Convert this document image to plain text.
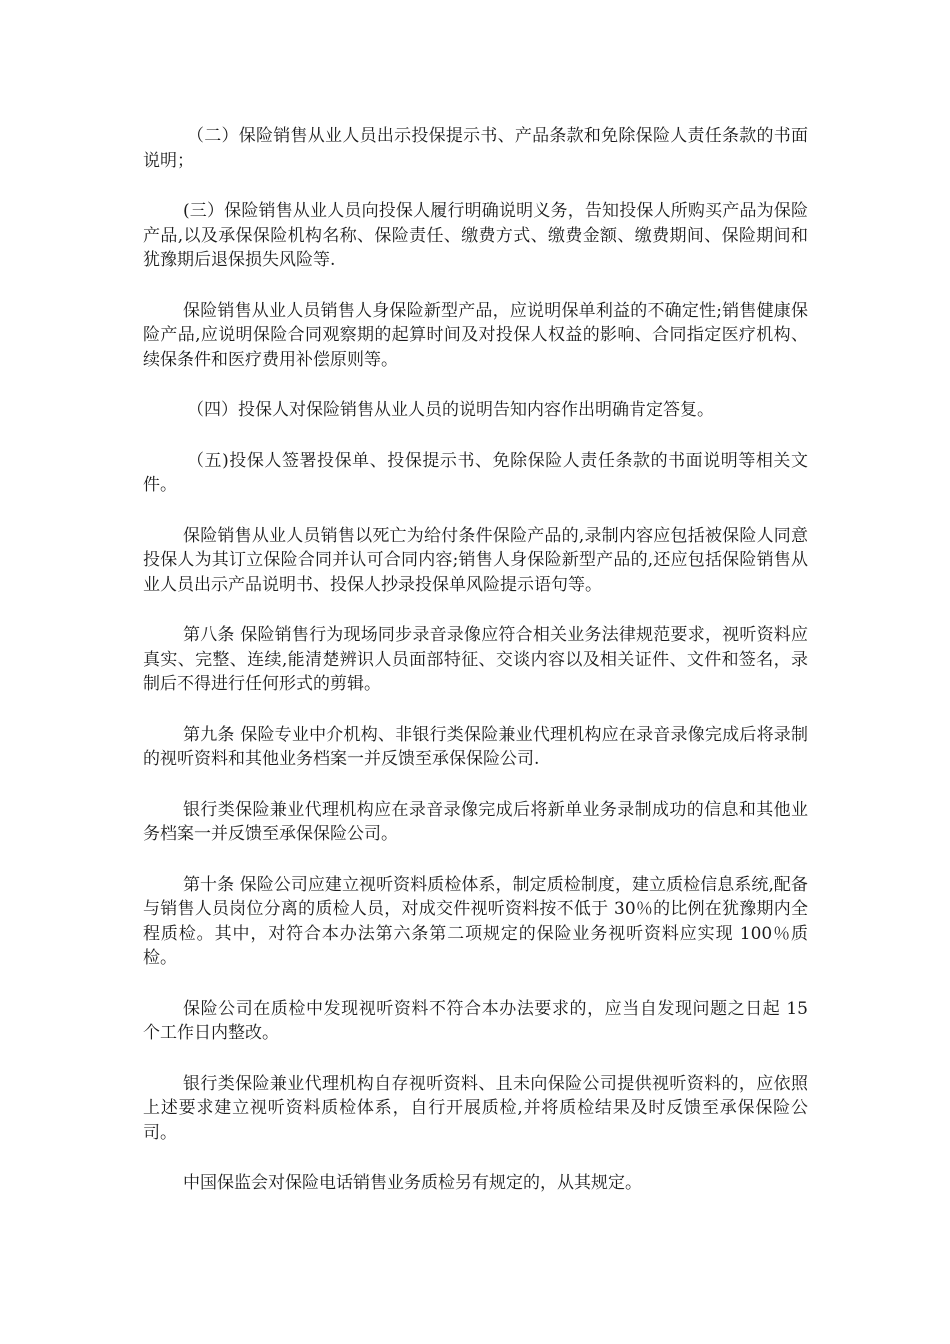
（二）保险销售从业人员出示投保提示书、产品条款和免除保险人责任条款的书面说明；

(三）保险销售从业人员向投保人履行明确说明义务，告知投保人所购买产品为保险产品,以及承保保险机构名称、保险责任、缴费方式、缴费金额、缴费期间、保险期间和犹豫期后退保损失风险等.

保险销售从业人员销售人身保险新型产品，应说明保单利益的不确定性;销售健康保险产品,应说明保险合同观察期的起算时间及对投保人权益的影响、合同指定医疗机构、续保条件和医疗费用补偿原则等。

（四）投保人对保险销售从业人员的说明告知内容作出明确肯定答复。

（五)投保人签署投保单、投保提示书、免除保险人责任条款的书面说明等相关文件。

保险销售从业人员销售以死亡为给付条件保险产品的,录制内容应包括被保险人同意投保人为其订立保险合同并认可合同内容;销售人身保险新型产品的,还应包括保险销售从业人员出示产品说明书、投保人抄录投保单风险提示语句等。

第八条 保险销售行为现场同步录音录像应符合相关业务法律规范要求，视听资料应真实、完整、连续,能清楚辨识人员面部特征、交谈内容以及相关证件、文件和签名，录制后不得进行任何形式的剪辑。

第九条 保险专业中介机构、非银行类保险兼业代理机构应在录音录像完成后将录制的视听资料和其他业务档案一并反馈至承保保险公司.

银行类保险兼业代理机构应在录音录像完成后将新单业务录制成功的信息和其他业务档案一并反馈至承保保险公司。

第十条 保险公司应建立视听资料质检体系，制定质检制度，建立质检信息系统,配备与销售人员岗位分离的质检人员，对成交件视听资料按不低于 30％的比例在犹豫期内全程质检。其中，对符合本办法第六条第二项规定的保险业务视听资料应实现 100％质检。

保险公司在质检中发现视听资料不符合本办法要求的，应当自发现问题之日起 15 个工作日内整改。

银行类保险兼业代理机构自存视听资料、且未向保险公司提供视听资料的，应依照上述要求建立视听资料质检体系，自行开展质检,并将质检结果及时反馈至承保保险公司。

中国保监会对保险电话销售业务质检另有规定的，从其规定。
